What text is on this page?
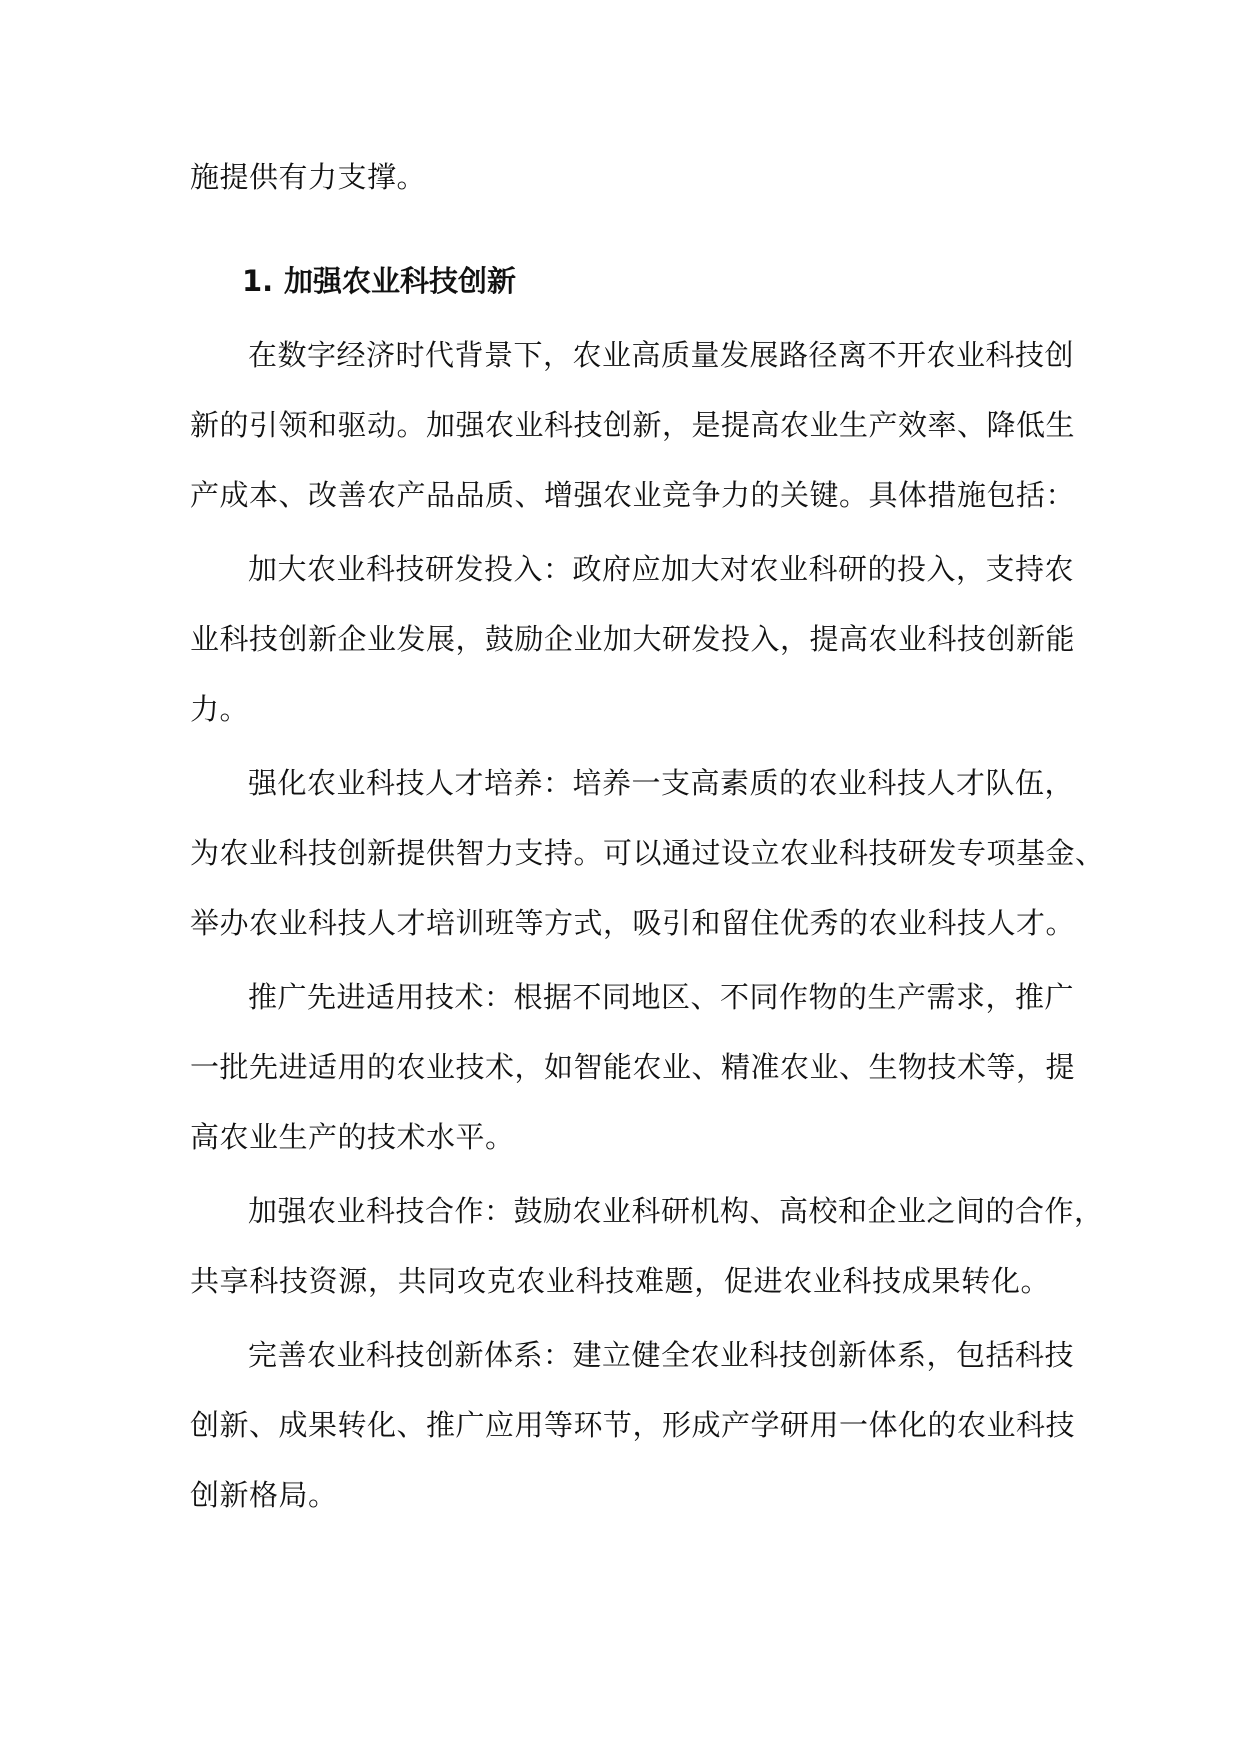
施提供有力支撑。
1. 加强农业科技创新
在数字经济时代背景下，农业高质量发展路径离不开农业科技创
新的引领和驱动。加强农业科技创新，是提高农业生产效率、降低生
产成本、改善农产品品质、增强农业竞争力的关键。具体措施包括：
加大农业科技研发投入：政府应加大对农业科研的投入，支持农
业科技创新企业发展，鼓励企业加大研发投入，提高农业科技创新能
力。
强化农业科技人才培养：培养一支高素质的农业科技人才队伍，
为农业科技创新提供智力支持。可以通过设立农业科技研发专项基金、
举办农业科技人才培训班等方式，吸引和留住优秀的农业科技人才。
推广先进适用技术：根据不同地区、不同作物的生产需求，推广
一批先进适用的农业技术，如智能农业、精准农业、生物技术等，提
高农业生产的技术水平。
加强农业科技合作：鼓励农业科研机构、高校和企业之间的合作，
共享科技资源，共同攻克农业科技难题，促进农业科技成果转化。
完善农业科技创新体系：建立健全农业科技创新体系，包括科技
创新、成果转化、推广应用等环节，形成产学研用一体化的农业科技
创新格局。
